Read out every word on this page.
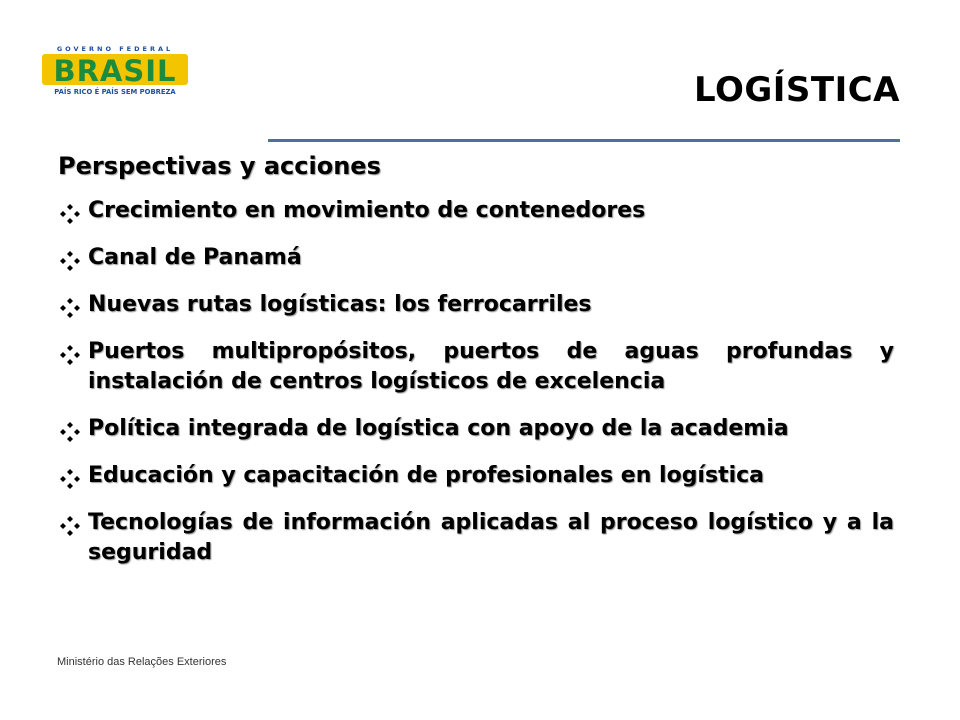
GOVERNO FEDERAL
BRASIL
PAÍS RICO É PAÍS SEM POBREZA	LOGÍSTICA
Perspectivas y acciones
Crecimiento en movimiento de contenedores
Canal de Panamá
Nuevas rutas logísticas: los ferrocarriles
Puertos multipropósitos, puertos de aguas profundas y instalación de centros logísticos de excelencia
Política integrada de logística con apoyo de la academia
Educación y capacitación de profesionales en logística
Tecnologías de información aplicadas al proceso logístico y a la seguridad
Ministério das Relações Exteriores
